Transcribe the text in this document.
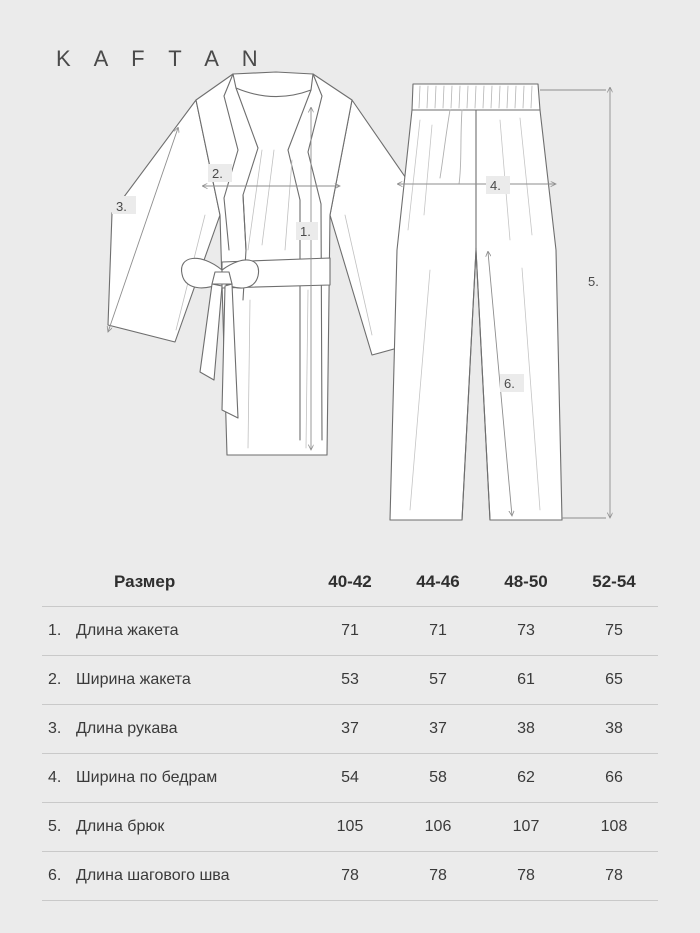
K A F T A N
1.
2.
3.
4.
5.
6.
Размер		40-42	44-46	48-50	52-54
1.	Длина жакета	71	71	73	75
2.	Ширина жакета	53	57	61	65
3.	Длина рукава	37	37	38	38
4.	Ширина по бедрам	54	58	62	66
5.	Длина брюк	105	106	107	108
6.	Длина шагового шва	78	78	78	78
